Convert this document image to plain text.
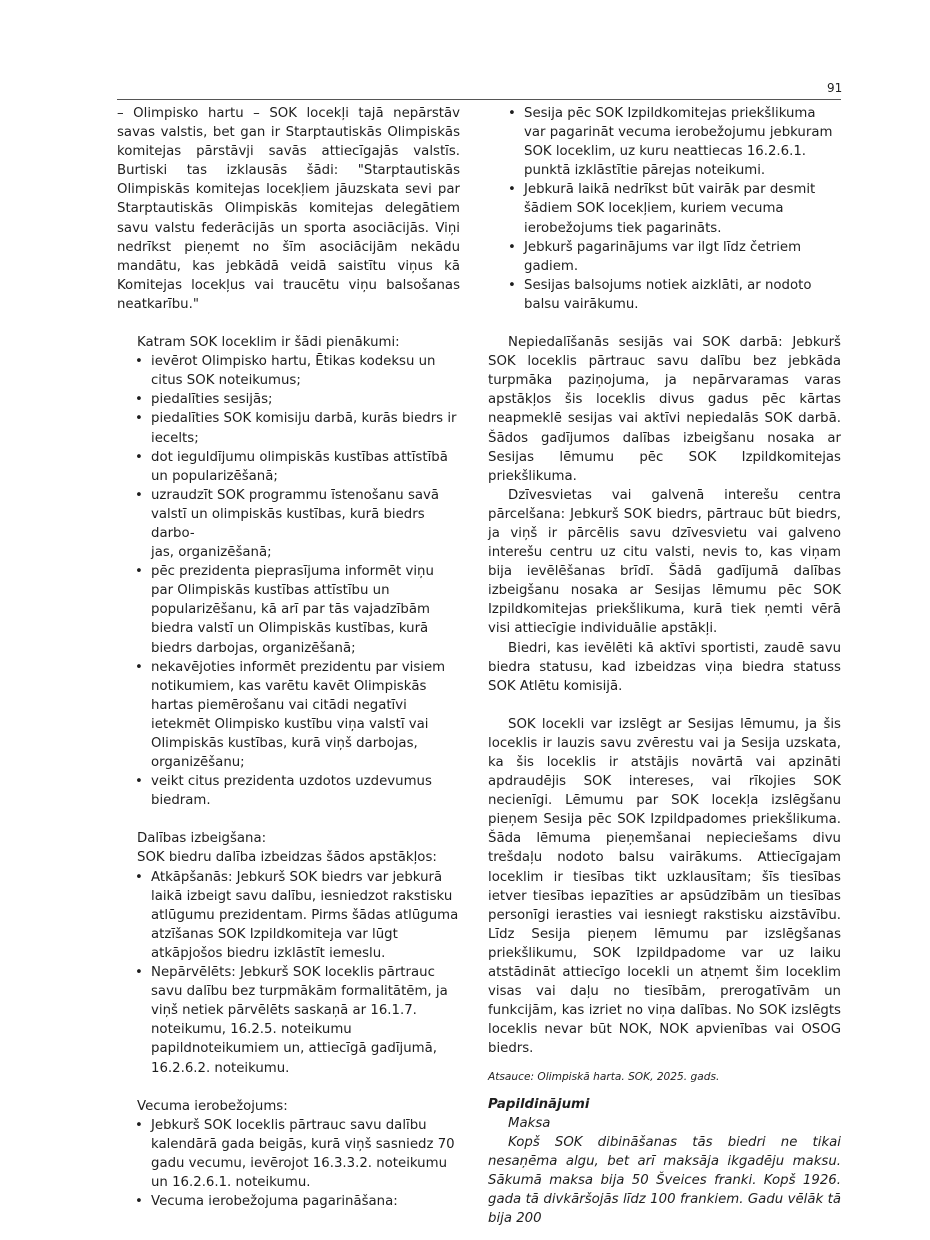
91

– Olimpisko hartu – SOK locekļi tajā nepārstāv savas valstis, bet gan ir Starptautiskās Olimpiskās komitejas pārstāvji savās attiecīgajās valstīs. Burtiski tas izklausās šādi: "Starptautiskās Olimpiskās komitejas locekļiem jāuzskata sevi par Starptautiskās Olimpiskās komitejas delegātiem savu valstu federācijās un sporta asociācijās. Viņi nedrīkst pieņemt no šīm asociācijām nekādu mandātu, kas jebkādā veidā saistītu viņus kā Komitejas locekļus vai traucētu viņu balsošanas neatkarību."

Katram SOK loceklim ir šādi pienākumi:

• ievērot Olimpisko hartu, Ētikas kodeksu un citus SOK noteikumus;
• piedalīties sesijās;
• piedalīties SOK komisiju darbā, kurās biedrs ir iecelts;
• dot ieguldījumu olimpiskās kustības attīstībā un popularizēšanā;
• uzraudzīt SOK programmu īstenošanu savā valstī un olimpiskās kustības, kurā biedrs darbo-
jas, organizēšanā;
• pēc prezidenta pieprasījuma informēt viņu par Olimpiskās kustības attīstību un popularizēšanu, kā arī par tās vajadzībām biedra valstī un Olimpiskās kustības, kurā biedrs darbojas, organizēšanā;
• nekavējoties informēt prezidentu par visiem notikumiem, kas varētu kavēt Olimpiskās hartas piemērošanu vai citādi negatīvi ietekmēt Olimpisko kustību viņa valstī vai Olimpiskās kustības, kurā viņš darbojas, organizēšanu;
• veikt citus prezidenta uzdotos uzdevumus biedram.

Dalības izbeigšana:

SOK biedru dalība izbeidzas šādos apstākļos:

• Atkāpšanās: Jebkurš SOK biedrs var jebkurā laikā izbeigt savu dalību, iesniedzot rakstisku atlūgumu prezidentam. Pirms šādas atlūguma atzīšanas SOK Izpildkomiteja var lūgt atkāpjošos biedru izklāstīt iemeslu.
• Nepārvēlēts: Jebkurš SOK loceklis pārtrauc savu dalību bez turpmākām formalitātēm, ja viņš netiek pārvēlēts saskaņā ar 16.1.7. noteikumu, 16.2.5. noteikumu papildnoteikumiem un, attiecīgā gadījumā, 16.2.6.2. noteikumu.

Vecuma ierobežojums:

• Jebkurš SOK loceklis pārtrauc savu dalību kalendārā gada beigās, kurā viņš sasniedz 70 gadu vecumu, ievērojot 16.3.3.2. noteikumu un 16.2.6.1. noteikumu.
• Vecuma ierobežojuma pagarināšana:
• Sesija pēc SOK Izpildkomitejas priekšlikuma var pagarināt vecuma ierobežojumu jebkuram SOK loceklim, uz kuru neattiecas 16.2.6.1. punktā izklāstītie pārejas noteikumi.
• Jebkurā laikā nedrīkst būt vairāk par desmit šādiem SOK locekļiem, kuriem vecuma ierobežojums tiek pagarināts.
• Jebkurš pagarinājums var ilgt līdz četriem gadiem.
• Sesijas balsojums notiek aizklāti, ar nodoto balsu vairākumu.

Nepiedalīšanās sesijās vai SOK darbā: Jebkurš SOK loceklis pārtrauc savu dalību bez jebkāda turpmāka paziņojuma, ja nepārvaramas varas apstākļos šis loceklis divus gadus pēc kārtas neapmeklē sesijas vai aktīvi nepiedalās SOK darbā. Šādos gadījumos dalības izbeigšanu nosaka ar Sesijas lēmumu pēc SOK Izpildkomitejas priekšlikuma.

Dzīvesvietas vai galvenā interešu centra pārcelšana: Jebkurš SOK biedrs, pārtrauc būt biedrs, ja viņš ir pārcēlis savu dzīvesvietu vai galveno interešu centru uz citu valsti, nevis to, kas viņam bija ievēlēšanas brīdī. Šādā gadījumā dalības izbeigšanu nosaka ar Sesijas lēmumu pēc SOK Izpildkomitejas priekšlikuma, kurā tiek ņemti vērā visi attiecīgie individuālie apstākļi.

Biedri, kas ievēlēti kā aktīvi sportisti, zaudē savu biedra statusu, kad izbeidzas viņa biedra statuss SOK Atlētu komisijā.

SOK locekli var izslēgt ar Sesijas lēmumu, ja šis loceklis ir lauzis savu zvērestu vai ja Sesija uzskata, ka šis loceklis ir atstājis novārtā vai apzināti apdraudējis SOK intereses, vai rīkojies SOK necienīgi. Lēmumu par SOK locekļa izslēgšanu pieņem Sesija pēc SOK Izpildpadomes priekšlikuma. Šāda lēmuma pieņemšanai nepieciešams divu trešdaļu nodoto balsu vairākums. Attiecīgajam loceklim ir tiesības tikt uzklausītam; šīs tiesības ietver tiesības iepazīties ar apsūdzībām un tiesības personīgi ierasties vai iesniegt rakstisku aizstāvību. Līdz Sesija pieņem lēmumu par izslēgšanas priekšlikumu, SOK Izpildpadome var uz laiku atstādināt attiecīgo locekli un atņemt šim loceklim visas vai daļu no tiesībām, prerogatīvām un funkcijām, kas izriet no viņa dalības. No SOK izslēgts loceklis nevar būt NOK, NOK apvienības vai OSOG biedrs.

Atsauce: Olimpiskā harta. SOK, 2025. gads.

Papildinājumi

Maksa

Kopš SOK dibināšanas tās biedri ne tikai nesaņēma algu, bet arī maksāja ikgadēju maksu. Sākumā maksa bija 50 Šveices franki. Kopš 1926. gada tā divkāršojās līdz 100 frankiem. Gadu vēlāk tā bija 200
